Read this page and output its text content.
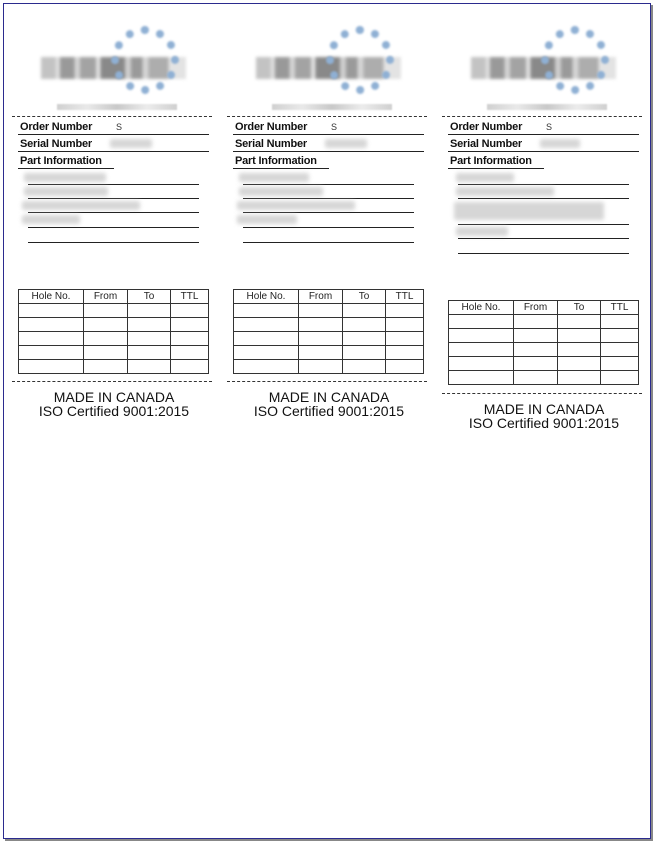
Order Number	S
Serial Number
Part Information
Hole No.	From	To	TTL

MADE IN CANADA
ISO Certified 9001:2015
Order Number	S
Serial Number
Part Information
Hole No.	From	To	TTL

MADE IN CANADA
ISO Certified 9001:2015
Order Number	S
Serial Number
Part Information
Hole No.	From	To	TTL

MADE IN CANADA
ISO Certified 9001:2015
